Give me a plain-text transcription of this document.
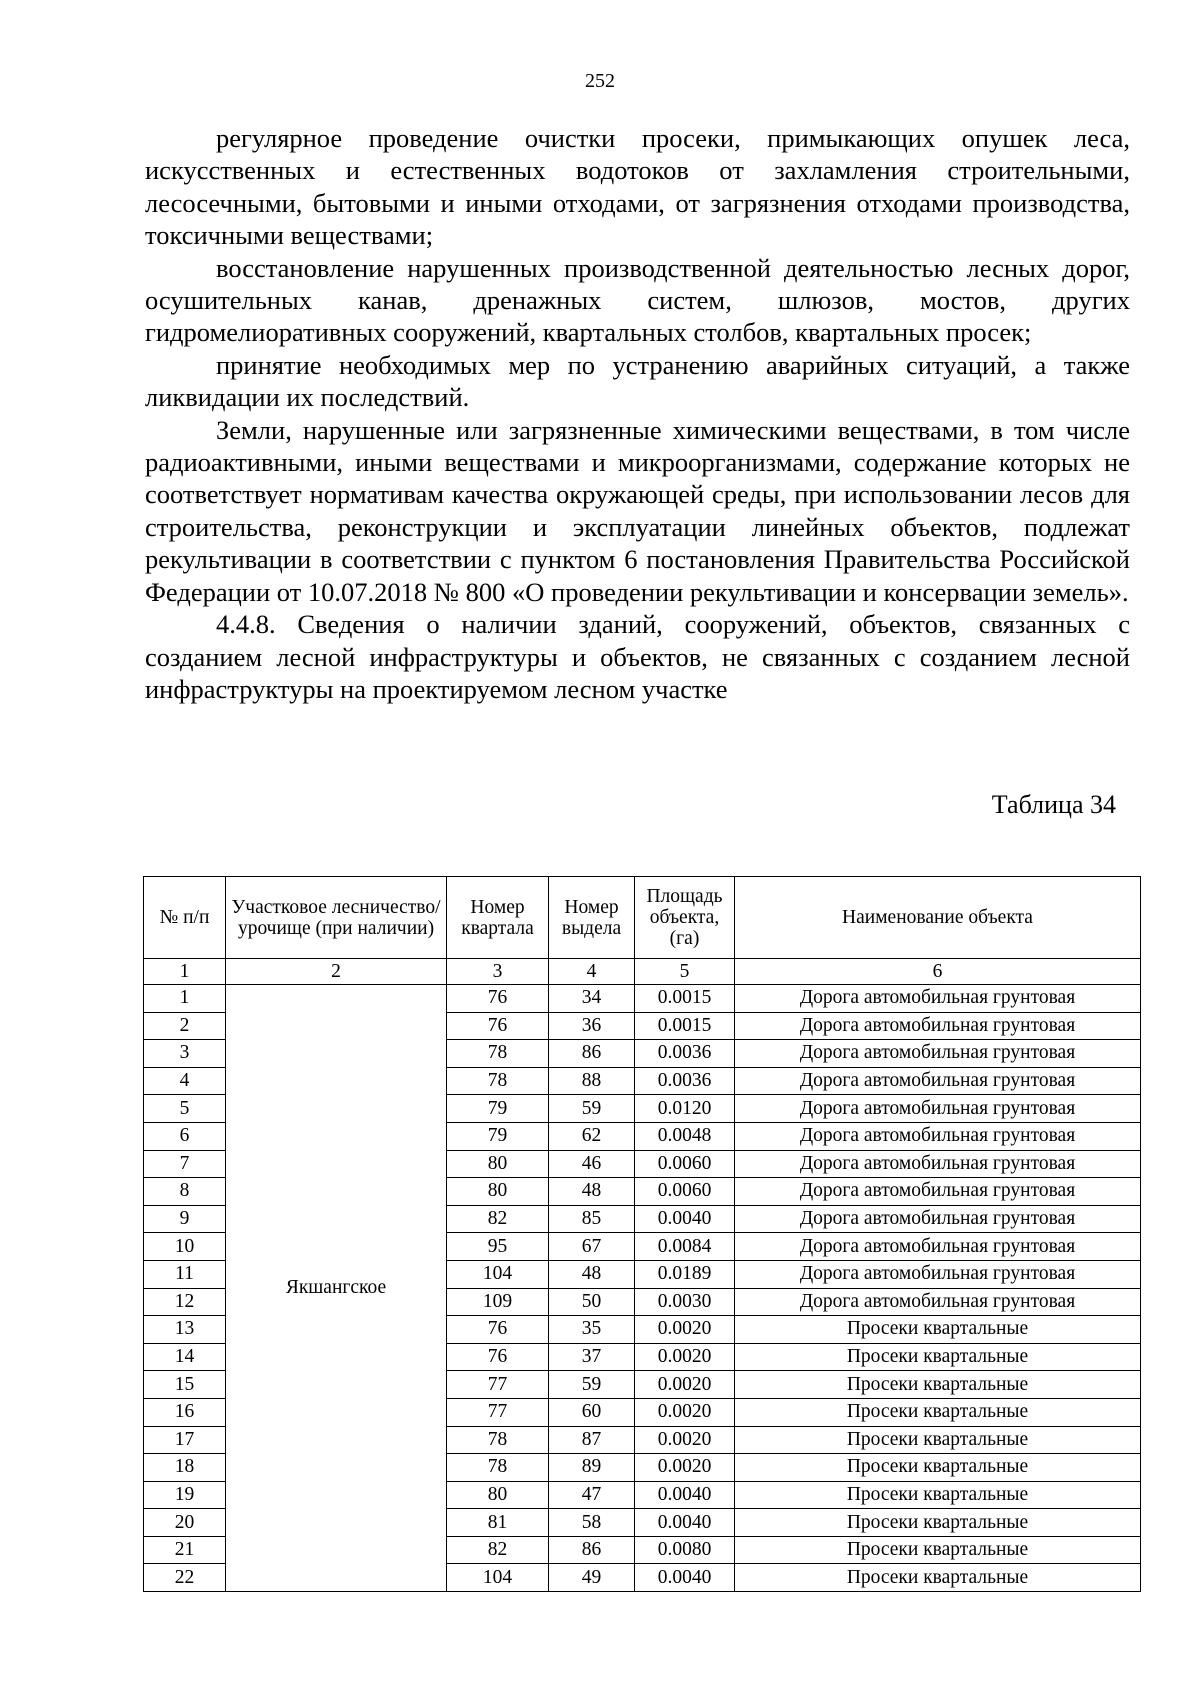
252

регулярное проведение очистки просеки, примыкающих опушек леса, искусственных и естественных водотоков от захламления строительными, лесосечными, бытовыми и иными отходами, от загрязнения отходами производства, токсичными веществами;

восстановление нарушенных производственной деятельностью лесных дорог, осушительных канав, дренажных систем, шлюзов, мостов, других гидромелиоративных сооружений, квартальных столбов, квартальных просек;

принятие необходимых мер по устранению аварийных ситуаций, а также ликвидации их последствий.

Земли, нарушенные или загрязненные химическими веществами, в том числе радиоактивными, иными веществами и микроорганизмами, содержание которых не соответствует нормативам качества окружающей среды, при использовании лесов для строительства, реконструкции и эксплуатации линейных объектов, подлежат рекультивации в соответствии с пунктом 6 постановления Правительства Российской Федерации от 10.07.2018 № 800 «О проведении рекультивации и консервации земель».

4.4.8. Сведения о наличии зданий, сооружений, объектов, связанных с созданием лесной инфраструктуры и объектов, не связанных с созданием лесной инфраструктуры на проектируемом лесном участке

Таблица 34
№ п/п	Участковое лесничество/урочище (при наличии)	Номер квартала	Номер выдела	Площадь объекта, (га)	Наименование объекта
1	2	3	4	5	6
1	Якшангское	76	34	0.0015	Дорога автомобильная грунтовая
2		76	36	0.0015	Дорога автомобильная грунтовая
3		78	86	0.0036	Дорога автомобильная грунтовая
4		78	88	0.0036	Дорога автомобильная грунтовая
5		79	59	0.0120	Дорога автомобильная грунтовая
6		79	62	0.0048	Дорога автомобильная грунтовая
7		80	46	0.0060	Дорога автомобильная грунтовая
8		80	48	0.0060	Дорога автомобильная грунтовая
9		82	85	0.0040	Дорога автомобильная грунтовая
10		95	67	0.0084	Дорога автомобильная грунтовая
11		104	48	0.0189	Дорога автомобильная грунтовая
12		109	50	0.0030	Дорога автомобильная грунтовая
13		76	35	0.0020	Просеки квартальные
14		76	37	0.0020	Просеки квартальные
15		77	59	0.0020	Просеки квартальные
16		77	60	0.0020	Просеки квартальные
17		78	87	0.0020	Просеки квартальные
18		78	89	0.0020	Просеки квартальные
19		80	47	0.0040	Просеки квартальные
20		81	58	0.0040	Просеки квартальные
21		82	86	0.0080	Просеки квартальные
22		104	49	0.0040	Просеки квартальные
